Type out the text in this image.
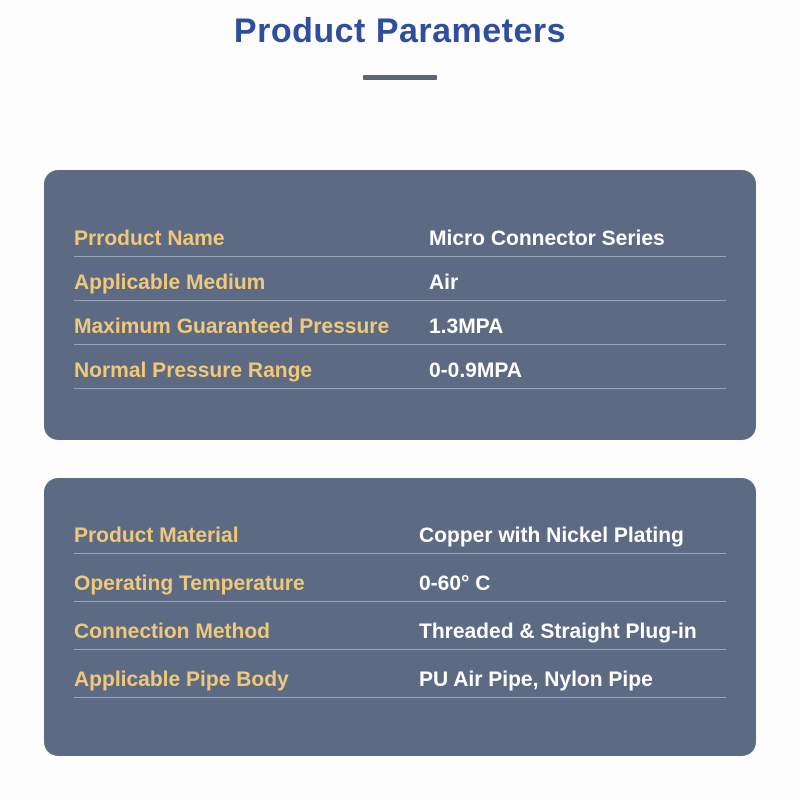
Product Parameters
Prroduct Name	Micro Connector Series
Applicable Medium	Air
Maximum Guaranteed Pressure	1.3MPA
Normal Pressure Range	0-0.9MPA
Product Material	Copper with Nickel Plating
Operating Temperature	0-60° C
Connection Method	Threaded & Straight Plug-in
Applicable Pipe Body	PU Air Pipe, Nylon Pipe
